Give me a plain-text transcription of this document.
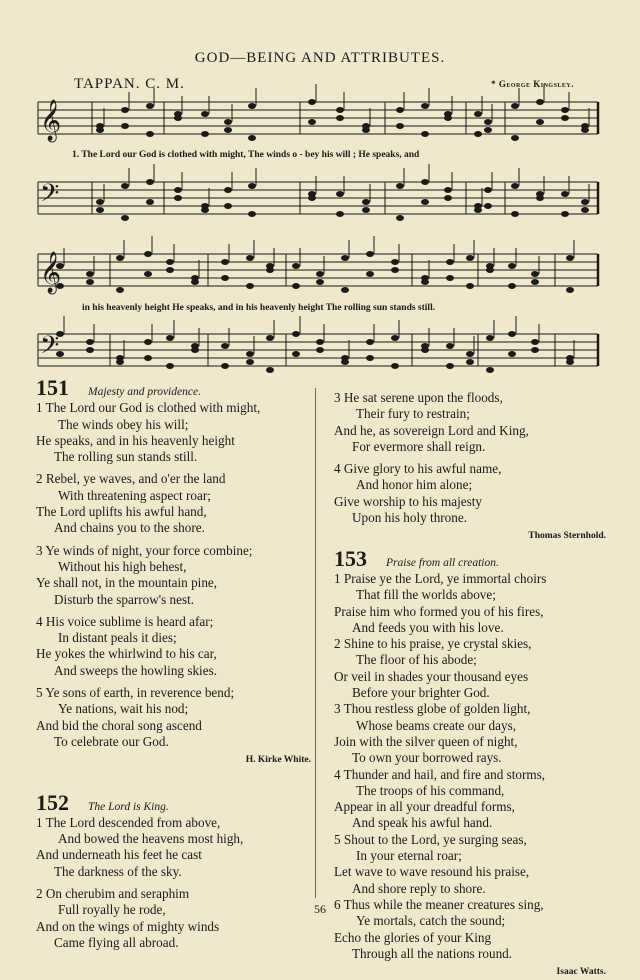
GOD—BEING AND ATTRIBUTES.
TAPPAN. C. M.	* George Kingsley.
𝄞
𝄢
𝄞
𝄢
1. The Lord our God is clothed with might, The winds o - bey his will ; He speaks, and
in his heavenly height He speaks, and in his heavenly height The rolling sun stands still.

151 Majesty and providence.

1 The Lord our God is clothed with might,

The winds obey his will;

He speaks, and in his heavenly height

The rolling sun stands still.

2 Rebel, ye waves, and o'er the land

With threatening aspect roar;

The Lord uplifts his awful hand,

And chains you to the shore.

3 Ye winds of night, your force combine;

Without his high behest,

Ye shall not, in the mountain pine,

Disturb the sparrow's nest.

4 His voice sublime is heard afar;

In distant peals it dies;

He yokes the whirlwind to his car,

And sweeps the howling skies.

5 Ye sons of earth, in reverence bend;

Ye nations, wait his nod;

And bid the choral song ascend

To celebrate our God.

H. Kirke White.

152 The Lord is King.

1 The Lord descended from above,

And bowed the heavens most high,

And underneath his feet he cast

The darkness of the sky.

2 On cherubim and seraphim

Full royally he rode,

And on the wings of mighty winds

Came flying all abroad.

3 He sat serene upon the floods,

Their fury to restrain;

And he, as sovereign Lord and King,

For evermore shall reign.

4 Give glory to his awful name,

And honor him alone;

Give worship to his majesty

Upon his holy throne.

Thomas Sternhold.

153 Praise from all creation.

1 Praise ye the Lord, ye immortal choirs

That fill the worlds above;

Praise him who formed you of his fires,

And feeds you with his love.

2 Shine to his praise, ye crystal skies,

The floor of his abode;

Or veil in shades your thousand eyes

Before your brighter God.

3 Thou restless globe of golden light,

Whose beams create our days,

Join with the silver queen of night,

To own your borrowed rays.

4 Thunder and hail, and fire and storms,

The troops of his command,

Appear in all your dreadful forms,

And speak his awful hand.

5 Shout to the Lord, ye surging seas,

In your eternal roar;

Let wave to wave resound his praise,

And shore reply to shore.

6 Thus while the meaner creatures sing,

Ye mortals, catch the sound;

Echo the glories of your King

Through all the nations round.

Isaac Watts.

56
